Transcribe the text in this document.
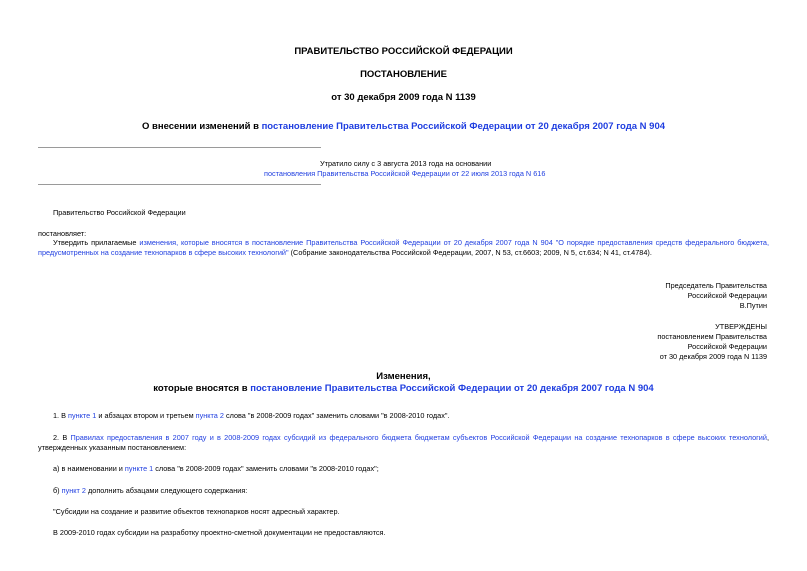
ПРАВИТЕЛЬСТВО РОССИЙСКОЙ ФЕДЕРАЦИИ
ПОСТАНОВЛЕНИЕ
от 30 декабря 2009 года N 1139
О внесении изменений в постановление Правительства Российской Федерации от 20 декабря 2007 года N 904
Утратило силу с 3 августа 2013 года на основании
постановления Правительства Российской Федерации от 22 июля 2013 года N 616
Правительство Российской Федерации
постановляет:
Утвердить прилагаемые изменения, которые вносятся в постановление Правительства Российской Федерации от 20 декабря 2007 года N 904 "О порядке предоставления средств федерального бюджета, предусмотренных на создание технопарков в сфере высоких технологий" (Собрание законодательства Российской Федерации, 2007, N 53, ст.6603; 2009, N 5, ст.634; N 41, ст.4784).
Председатель Правительства
Российской Федерации
В.Путин
УТВЕРЖДЕНЫ
постановлением Правительства
Российской Федерации
от 30 декабря 2009 года N 1139
Изменения,
которые вносятся в постановление Правительства Российской Федерации от 20 декабря 2007 года N 904
1. В пункте 1 и абзацах втором и третьем пункта 2 слова "в 2008-2009 годах" заменить словами "в 2008-2010 годах".
2. В Правилах предоставления в 2007 году и в 2008-2009 годах субсидий из федерального бюджета бюджетам субъектов Российской Федерации на создание технопарков в сфере высоких технологий, утвержденных указанным постановлением:
а) в наименовании и пункте 1 слова "в 2008-2009 годах" заменить словами "в 2008-2010 годах";
б) пункт 2 дополнить абзацами следующего содержания:
"Субсидии на создание и развитие объектов технопарков носят адресный характер.
В 2009-2010 годах субсидии на разработку проектно-сметной документации не предоставляются.
